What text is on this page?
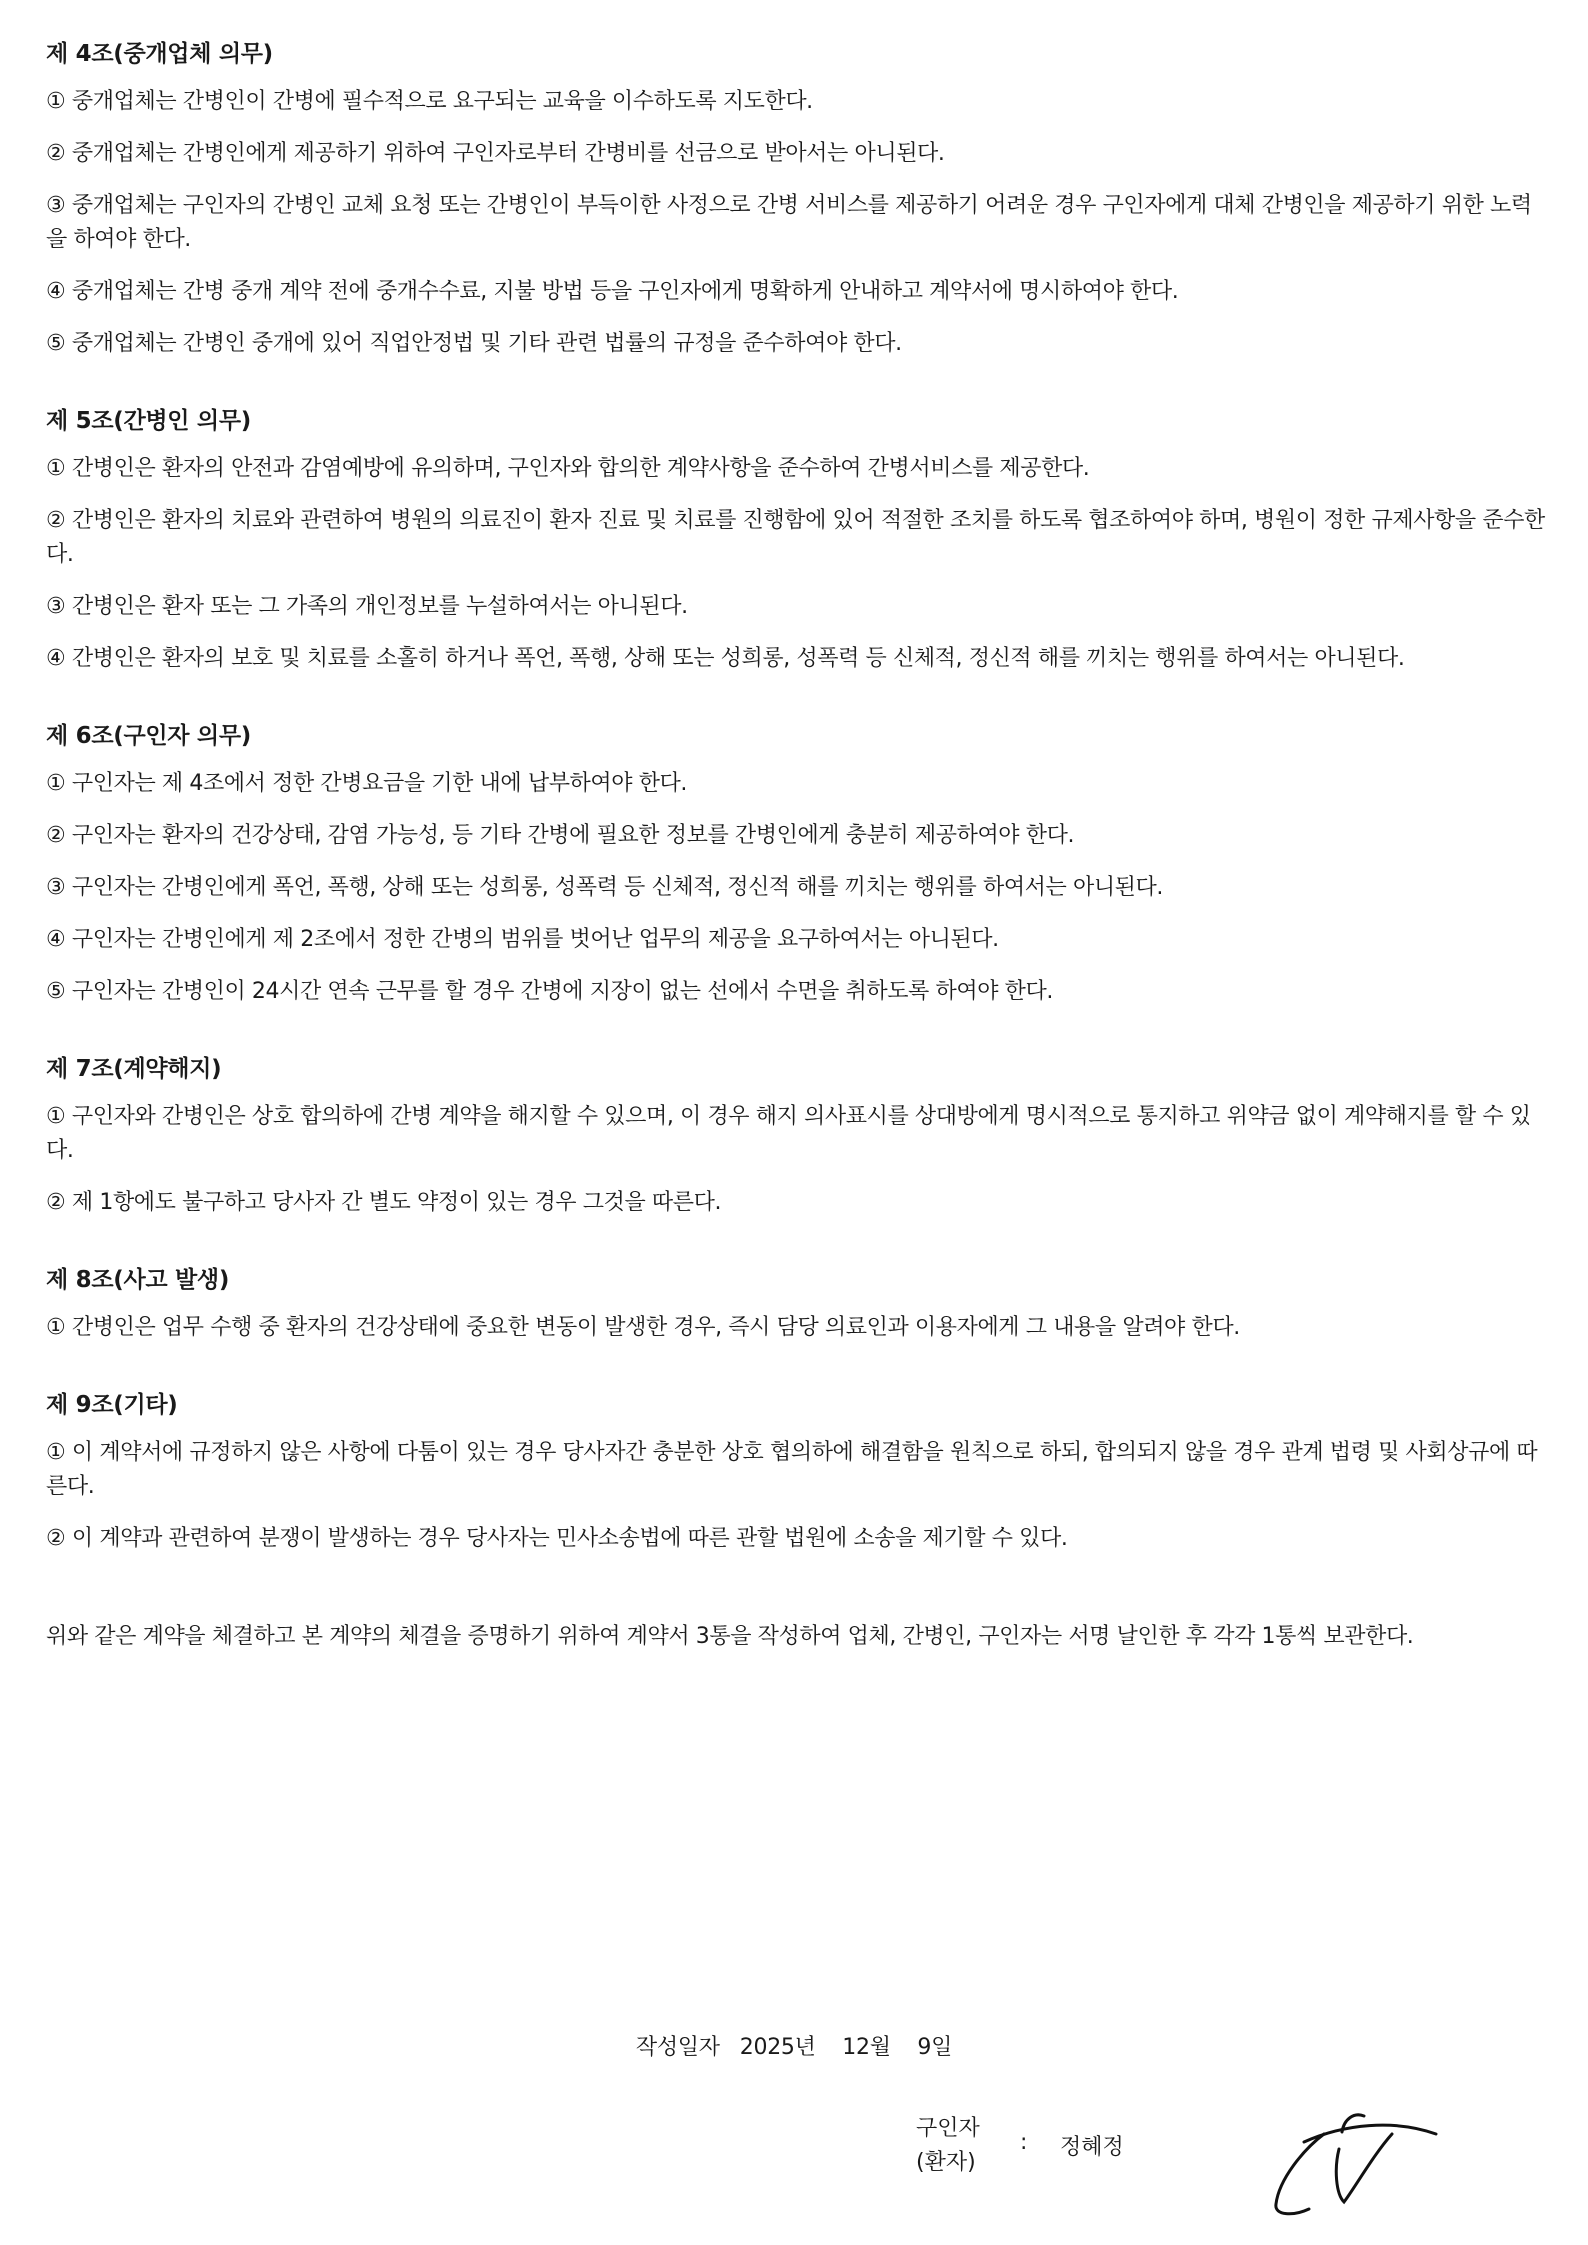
제 4조(중개업체 의무)
① 중개업체는 간병인이 간병에 필수적으로 요구되는 교육을 이수하도록 지도한다.
② 중개업체는 간병인에게 제공하기 위하여 구인자로부터 간병비를 선금으로 받아서는 아니된다.
③ 중개업체는 구인자의 간병인 교체 요청 또는 간병인이 부득이한 사정으로 간병 서비스를 제공하기 어려운 경우 구인자에게 대체 간병인을 제공하기 위한 노력을 하여야 한다.
④ 중개업체는 간병 중개 계약 전에 중개수수료, 지불 방법 등을 구인자에게 명확하게 안내하고 계약서에 명시하여야 한다.
⑤ 중개업체는 간병인 중개에 있어 직업안정법 및 기타 관련 법률의 규정을 준수하여야 한다.
제 5조(간병인 의무)
① 간병인은 환자의 안전과 감염예방에 유의하며, 구인자와 합의한 계약사항을 준수하여 간병서비스를 제공한다.
② 간병인은 환자의 치료와 관련하여 병원의 의료진이 환자 진료 및 치료를 진행함에 있어 적절한 조치를 하도록 협조하여야 하며, 병원이 정한 규제사항을 준수한다.
③ 간병인은 환자 또는 그 가족의 개인정보를 누설하여서는 아니된다.
④ 간병인은 환자의 보호 및 치료를 소홀히 하거나 폭언, 폭행, 상해 또는 성희롱, 성폭력 등 신체적, 정신적 해를 끼치는 행위를 하여서는 아니된다.
제 6조(구인자 의무)
① 구인자는 제 4조에서 정한 간병요금을 기한 내에 납부하여야 한다.
② 구인자는 환자의 건강상태, 감염 가능성, 등 기타 간병에 필요한 정보를 간병인에게 충분히 제공하여야 한다.
③ 구인자는 간병인에게 폭언, 폭행, 상해 또는 성희롱, 성폭력 등 신체적, 정신적 해를 끼치는 행위를 하여서는 아니된다.
④ 구인자는 간병인에게 제 2조에서 정한 간병의 범위를 벗어난 업무의 제공을 요구하여서는 아니된다.
⑤ 구인자는 간병인이 24시간 연속 근무를 할 경우 간병에 지장이 없는 선에서 수면을 취하도록 하여야 한다.
제 7조(계약해지)
① 구인자와 간병인은 상호 합의하에 간병 계약을 해지할 수 있으며, 이 경우 해지 의사표시를 상대방에게 명시적으로 통지하고 위약금 없이 계약해지를 할 수 있다.
② 제 1항에도 불구하고 당사자 간 별도 약정이 있는 경우 그것을 따른다.
제 8조(사고 발생)
① 간병인은 업무 수행 중 환자의 건강상태에 중요한 변동이 발생한 경우, 즉시 담당 의료인과 이용자에게 그 내용을 알려야 한다.
제 9조(기타)
① 이 계약서에 규정하지 않은 사항에 다툼이 있는 경우 당사자간 충분한 상호 협의하에 해결함을 원칙으로 하되, 합의되지 않을 경우 관계 법령 및 사회상규에 따른다.
② 이 계약과 관련하여 분쟁이 발생하는 경우 당사자는 민사소송법에 따른 관할 법원에 소송을 제기할 수 있다.

위와 같은 계약을 체결하고 본 계약의 체결을 증명하기 위하여 계약서 3통을 작성하여 업체, 간병인, 구인자는 서명 날인한 후 각각 1통씩 보관한다.

작성일자   2025년    12월    9일
구인자
(환자)
: 정혜정
